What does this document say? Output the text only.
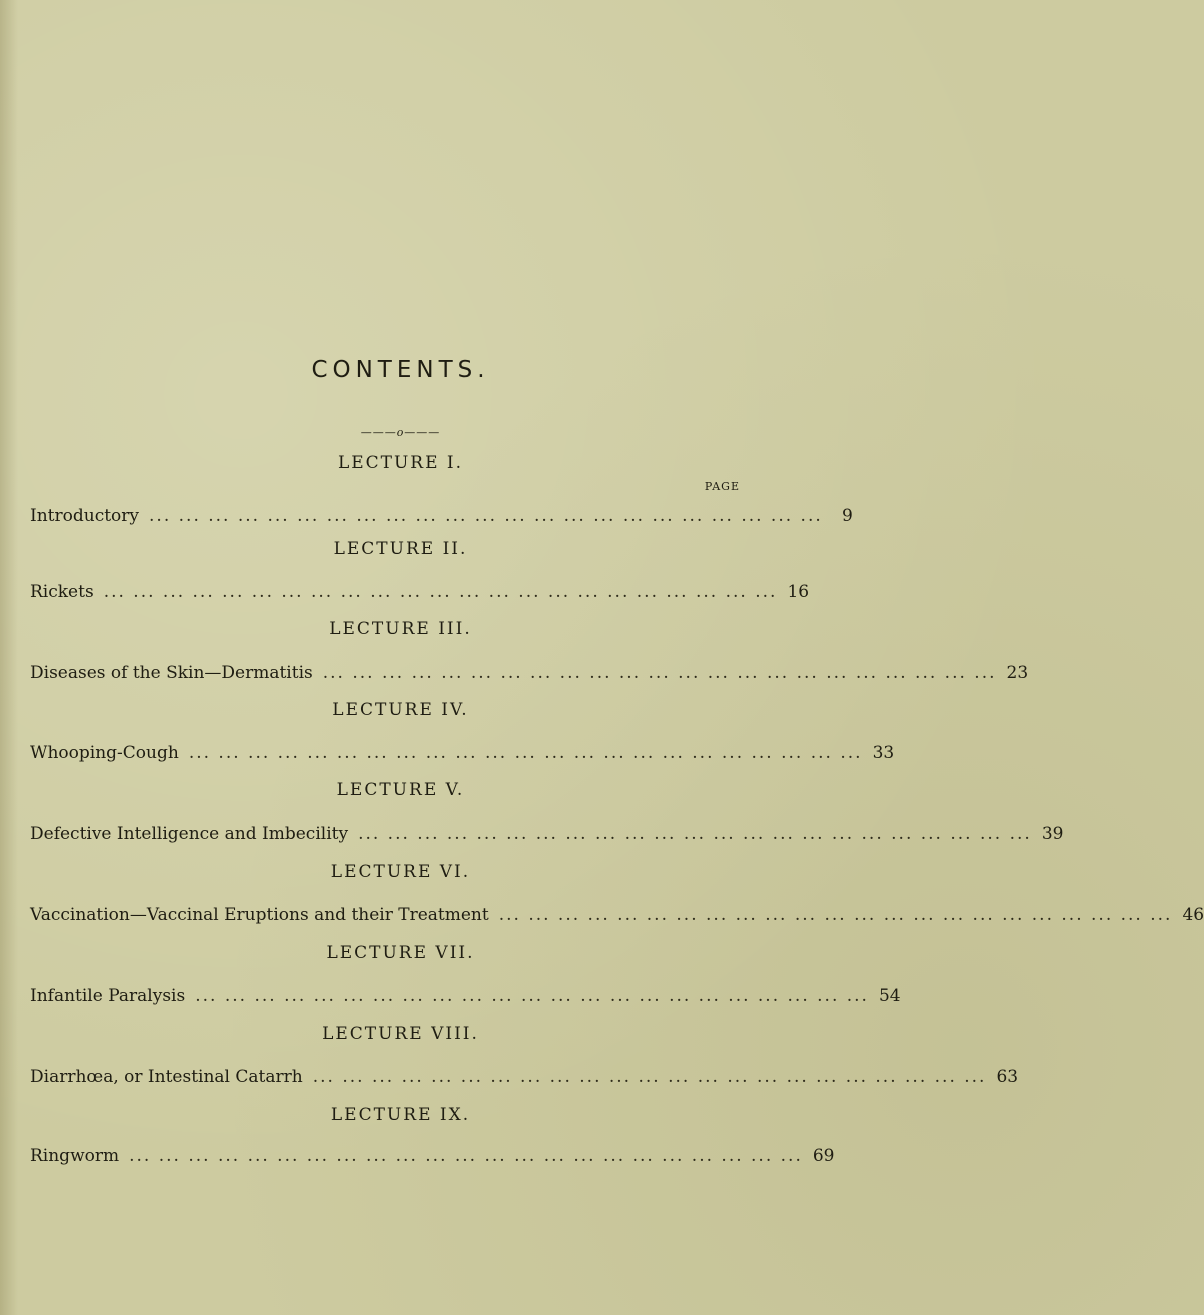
CONTENTS.
———o———
PAGE
LECTURE I.
Introductory ... ... ... ... ... ... ... ... ... ... ... ... ... ... ... ... ... ... ... ... ... ... ...	9
LECTURE II.
Rickets ... ... ... ... ... ... ... ... ... ... ... ... ... ... ... ... ... ... ... ... ... ... ... 16
LECTURE III.
Diseases of the Skin—Dermatitis ... ... ... ... ... ... ... ... ... ... ... ... ... ... ... ... ... ... ... ... ... ... ... 23
LECTURE IV.
Whooping-Cough ... ... ... ... ... ... ... ... ... ... ... ... ... ... ... ... ... ... ... ... ... ... ... 33
LECTURE V.
Defective Intelligence and Imbecility ... ... ... ... ... ... ... ... ... ... ... ... ... ... ... ... ... ... ... ... ... ... ... 39
LECTURE VI.
Vaccination—Vaccinal Eruptions and their Treatment ... ... ... ... ... ... ... ... ... ... ... ... ... ... ... ... ... ... ... ... ... ... ... 46
LECTURE VII.
Infantile Paralysis ... ... ... ... ... ... ... ... ... ... ... ... ... ... ... ... ... ... ... ... ... ... ... 54
LECTURE VIII.
Diarrhœa, or Intestinal Catarrh ... ... ... ... ... ... ... ... ... ... ... ... ... ... ... ... ... ... ... ... ... ... ... 63
LECTURE IX.
Ringworm ... ... ... ... ... ... ... ... ... ... ... ... ... ... ... ... ... ... ... ... ... ... ... 69
